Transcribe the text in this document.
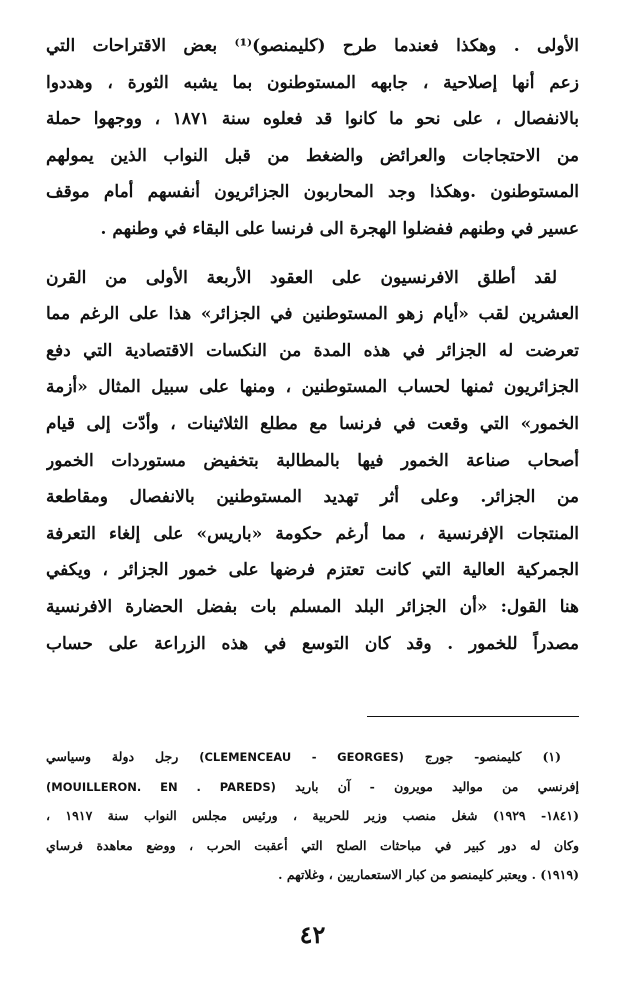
الأولى . وهكذا فعندما طرح (كليمنصو)⁽¹⁾ بعض الاقتراحات التي
زعم أنها إصلاحية ، جابهه المستوطنون بما يشبه الثورة ، وهددوا
بالانفصال ، على نحو ما كانوا قد فعلوه سنة ١٨٧١ ، ووجهوا حملة
من الاحتجاجات والعرائض والضغط من قبل النواب الذين يمولهم
المستوطنون .وهكذا وجد المحاربون الجزائريون أنفسهم أمام موقف
عسير في وطنهم ففضلوا الهجرة الى فرنسا على البقاء في وطنهم .
لقد أطلق الافرنسيون على العقود الأربعة الأولى من القرن
العشرين لقب «أيام زهو المستوطنين في الجزائر» هذا على الرغم مما
تعرضت له الجزائر في هذه المدة من النكسات الاقتصادية التي دفع
الجزائريون ثمنها لحساب المستوطنين ، ومنها على سبيل المثال «أزمة
الخمور» التي وقعت في فرنسا مع مطلع الثلاثينات ، وأدّت إلى قيام
أصحاب صناعة الخمور فيها بالمطالبة بتخفيض مستوردات الخمور
من الجزائر. وعلى أثر تهديد المستوطنين بالانفصال ومقاطعة
المنتجات الإفرنسية ، مما أرغم حكومة «باريس» على إلغاء التعرفة
الجمركية العالية التي كانت تعتزم فرضها على خمور الجزائر ، ويكفي
هنا القول: «أن الجزائر البلد المسلم بات بفضل الحضارة الافرنسية
مصدراً للخمور . وقد كان التوسع في هذه الزراعة على حساب
(١) كليمنصو- جورج (CLEMENCEAU - GEORGES) رجل دولة وسياسي
إفرنسي من مواليد مويرون - آن باريد (MOUILLERON. EN . PAREDS)
(١٨٤١- ١٩٢٩) شغل منصب وزير للحربية ، ورئيس مجلس النواب سنة ١٩١٧ ،
وكان له دور كبير في مباحثات الصلح التي أعقبت الحرب ، ووضع معاهدة فرساي
(١٩١٩) . ويعتبر كليمنصو من كبار الاستعماريين ، وغلاتهم .
٤٢
